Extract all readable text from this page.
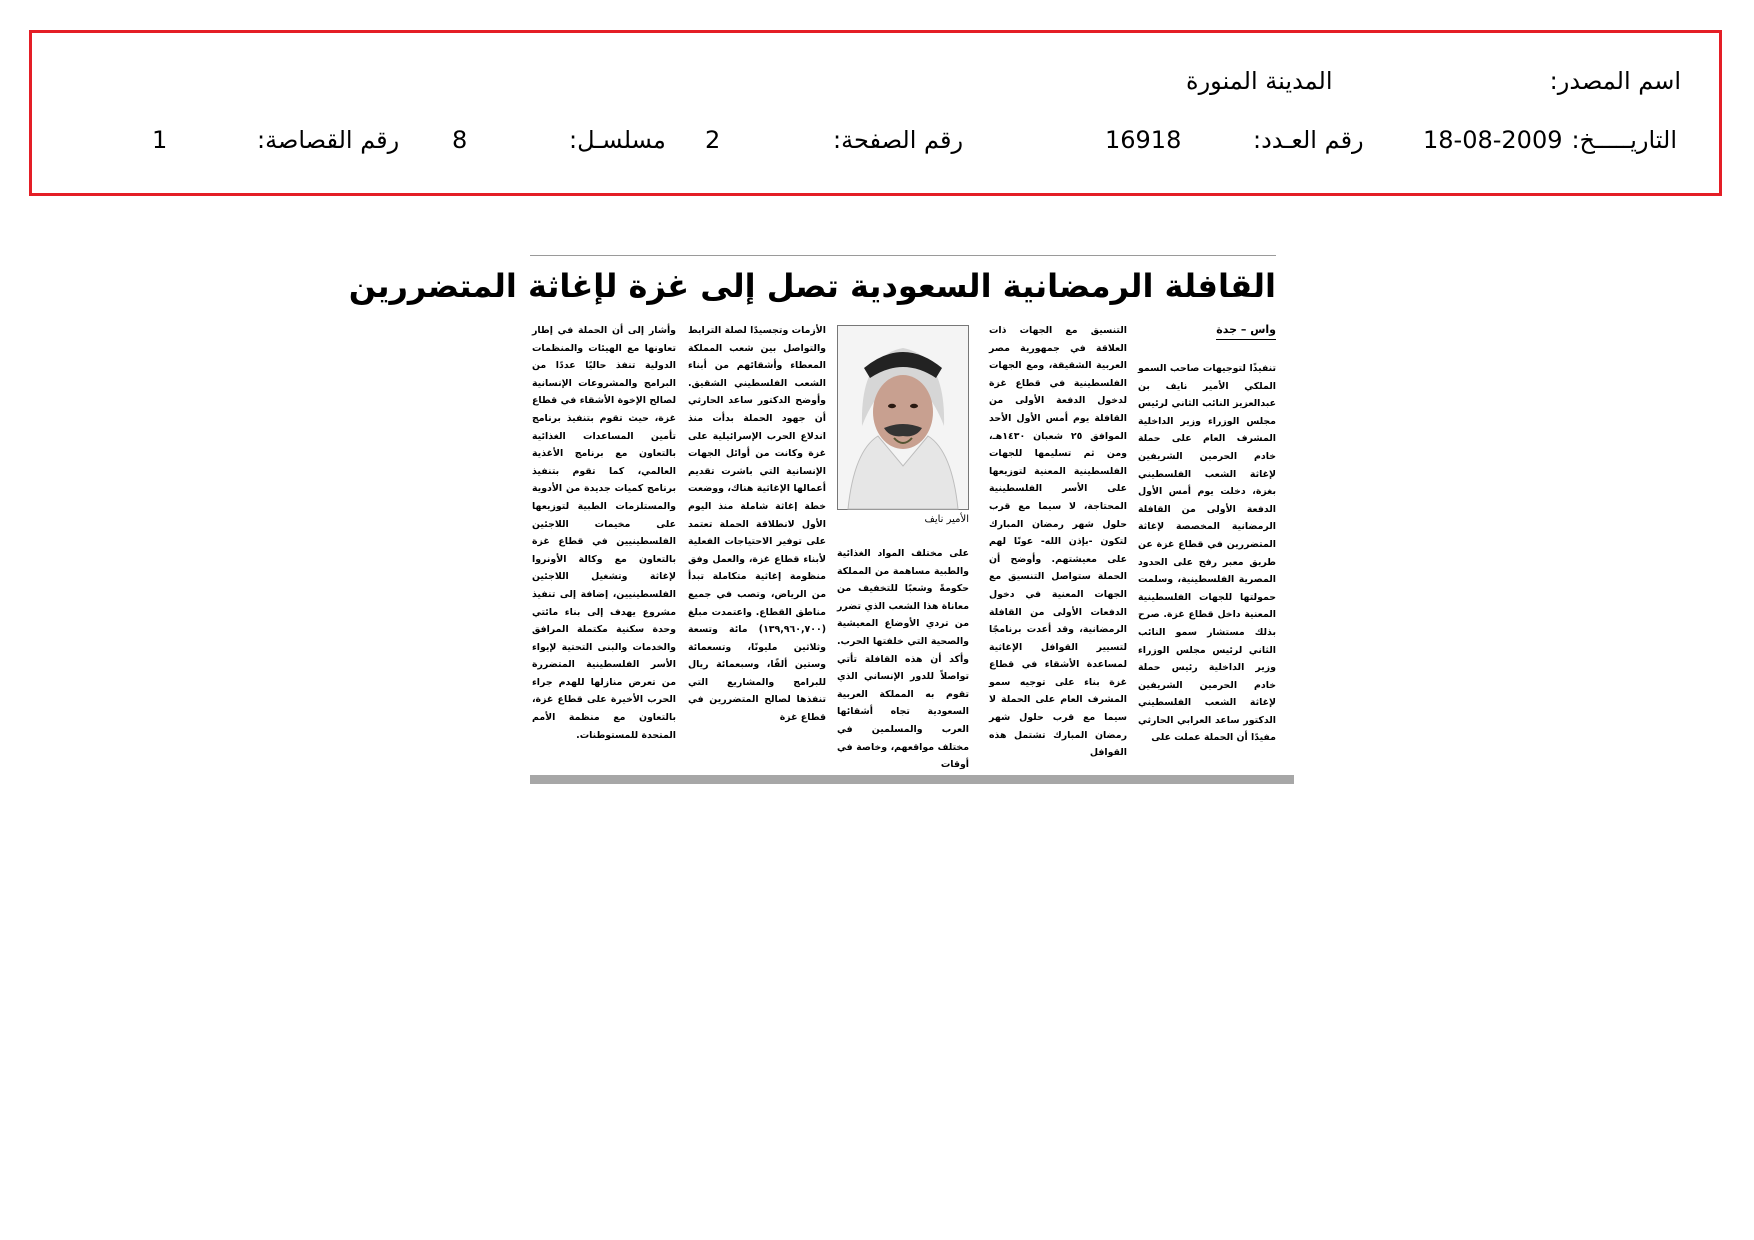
اسم المصدر:
المدينة المنورة
التاريـــــخ:
18-08-2009
رقم العـدد:
16918
رقم الصفحة:
2
مسلسـل:
8
رقم القصاصة:
1
القافلة الرمضانية السعودية تصل إلى غزة لإغاثة المتضررين
واس – جدة

تنفيذًا لتوجيهات صاحب السمو الملكي الأمير نايف بن عبدالعزيز النائب الثاني لرئيس مجلس الوزراء وزير الداخلية المشرف العام على حملة خادم الحرمين الشريفين لإغاثة الشعب الفلسطيني بغزة، دخلت يوم أمس الأول الدفعة الأولى من القافلة الرمضانية المخصصة لإغاثة المتضررين في قطاع غزة عن طريق معبر رفح على الحدود المصرية الفلسطينية، وسلمت حمولتها للجهات الفلسطينية المعنية داخل قطاع غزة. صرح بذلك مستشار سمو النائب الثاني لرئيس مجلس الوزراء وزير الداخلية رئيس حملة خادم الحرمين الشريفين لإغاثة الشعب الفلسطيني الدكتور ساعد العرابي الحارثي مفيدًا أن الحملة عملت على

التنسيق مع الجهات ذات العلاقة في جمهورية مصر العربية الشقيقة، ومع الجهات الفلسطينية في قطاع غزة لدخول الدفعة الأولى من القافلة يوم أمس الأول الأحد الموافق ٢٥ شعبان ١٤٣٠هـ، ومن ثم تسليمها للجهات الفلسطينية المعنية لتوزيعها على الأسر الفلسطينية المحتاجة، لا سيما مع قرب حلول شهر رمضان المبارك لتكون -بإذن الله- عونًا لهم على معيشتهم. وأوضح أن الحملة ستواصل التنسيق مع الجهات المعنية في دخول الدفعات الأولى من القافلة الرمضانية، وقد أعدت برنامجًا لتسيير القوافل الإغاثية لمساعدة الأشقاء في قطاع غزة بناء على توجيه سمو المشرف العام على الحملة لا سيما مع قرب حلول شهر رمضان المبارك تشتمل هذه القوافل

الأمير نايف

على مختلف المواد الغذائية والطبية مساهمة من المملكة حكومةً وشعبًا للتخفيف من معاناة هذا الشعب الذي تضرر من تردي الأوضاع المعيشية والصحية التي خلفتها الحرب. وأكد أن هذه القافلة تأتي تواصلاً للدور الإنساني الذي تقوم به المملكة العربية السعودية تجاه أشقائها العرب والمسلمين في مختلف مواقعهم، وخاصة في أوقات

الأزمات وتجسيدًا لصلة الترابط والتواصل بين شعب المملكة المعطاء وأشقائهم من أبناء الشعب الفلسطيني الشقيق. وأوضح الدكتور ساعد الحارثي أن جهود الحملة بدأت منذ اندلاع الحرب الإسرائيلية على غزة وكانت من أوائل الجهات الإنسانية التي باشرت تقديم أعمالها الإغاثية هناك، ووضعت خطة إغاثة شاملة منذ اليوم الأول لانطلاقة الحملة تعتمد على توفير الاحتياجات الفعلية لأبناء قطاع غزة، والعمل وفق منظومة إغاثية متكاملة تبدأ من الرياض، وتصب في جميع مناطق القطاع. واعتمدت مبلغ (١٣٩,٩٦٠,٧٠٠) مائة وتسعة وثلاثين مليونًا، وتسعمائة وستين ألفًا، وسبعمائة ريال للبرامج والمشاريع التي تنفذها لصالح المتضررين في قطاع غزة

وأشار إلى أن الحملة في إطار تعاونها مع الهيئات والمنظمات الدولية تنفذ حاليًا عددًا من البرامج والمشروعات الإنسانية لصالح الإخوة الأشقاء في قطاع غزة، حيث تقوم بتنفيذ برنامج تأمين المساعدات الغذائية بالتعاون مع برنامج الأغذية العالمي، كما تقوم بتنفيذ برنامج كميات جديدة من الأدوية والمستلزمات الطبية لتوزيعها على مخيمات اللاجئين الفلسطينيين في قطاع غزة بالتعاون مع وكالة الأونروا لإغاثة وتشغيل اللاجئين الفلسطينيين، إضافة إلى تنفيذ مشروع يهدف إلى بناء مائتي وحدة سكنية مكتملة المرافق والخدمات والبنى التحتية لإيواء الأسر الفلسطينية المتضررة من تعرض منازلها للهدم جراء الحرب الأخيرة على قطاع غزة، بالتعاون مع منظمة الأمم المتحدة للمستوطنات.
